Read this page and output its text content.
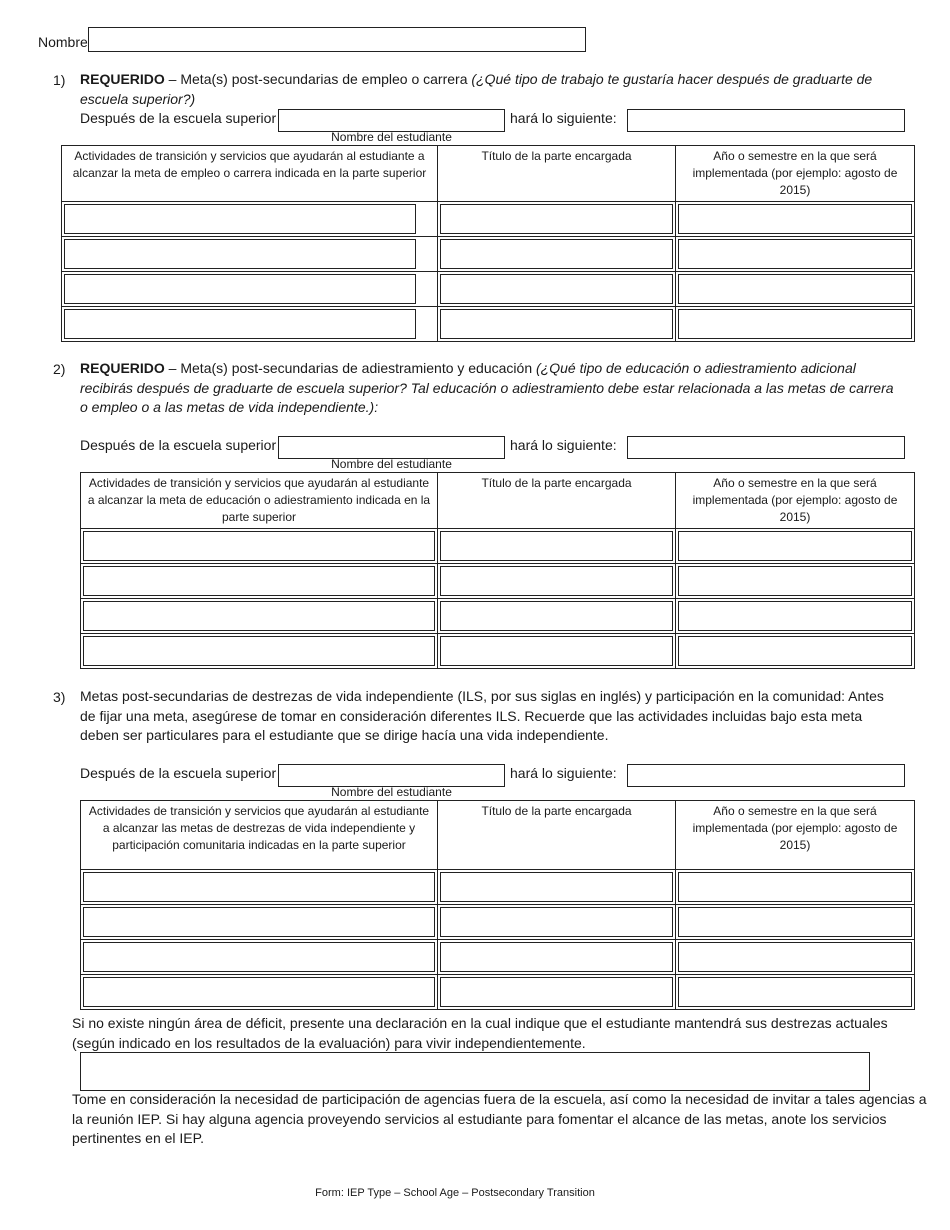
Nombre
1) REQUERIDO – Meta(s) post-secundarias de empleo o carrera (¿Qué tipo de trabajo te gustaría hacer después de graduarte de escuela superior?)
Después de la escuela superior
Nombre del estudiante
hará lo siguiente:
Actividades de transición y servicios que ayudarán al estudiante a alcanzar la meta de empleo o carrera indicada en la parte superior	Título de la parte encargada	Año o semestre en la que será implementada (por ejemplo: agosto de 2015)

2) REQUERIDO – Meta(s) post-secundarias de adiestramiento y educación (¿Qué tipo de educación o adiestramiento adicional recibirás después de graduarte de escuela superior? Tal educación o adiestramiento debe estar relacionada a las metas de carrera o empleo o a las metas de vida independiente.):
Después de la escuela superior
Nombre del estudiante
hará lo siguiente:
Actividades de transición y servicios que ayudarán al estudiante a alcanzar la meta de educación o adiestramiento indicada en la parte superior	Título de la parte encargada	Año o semestre en la que será implementada (por ejemplo: agosto de 2015)

3) Metas post-secundarias de destrezas de vida independiente (ILS, por sus siglas en inglés) y participación en la comunidad: Antes de fijar una meta, asegúrese de tomar en consideración diferentes ILS. Recuerde que las actividades incluidas bajo esta meta deben ser particulares para el estudiante que se dirige hacía una vida independiente.
Después de la escuela superior
Nombre del estudiante
hará lo siguiente:
Actividades de transición y servicios que ayudarán al estudiante a alcanzar las metas de destrezas de vida independiente y participación comunitaria indicadas en la parte superior	Título de la parte encargada	Año o semestre en la que será implementada (por ejemplo: agosto de 2015)

Si no existe ningún área de déficit, presente una declaración en la cual indique que el estudiante mantendrá sus destrezas actuales (según indicado en los resultados de la evaluación) para vivir independientemente.
Tome en consideración la necesidad de participación de agencias fuera de la escuela, así como la necesidad de invitar a tales agencias a la reunión IEP. Si hay alguna agencia proveyendo servicios al estudiante para fomentar el alcance de las metas, anote los servicios pertinentes en el IEP.
Form: IEP Type – School Age – Postsecondary Transition
